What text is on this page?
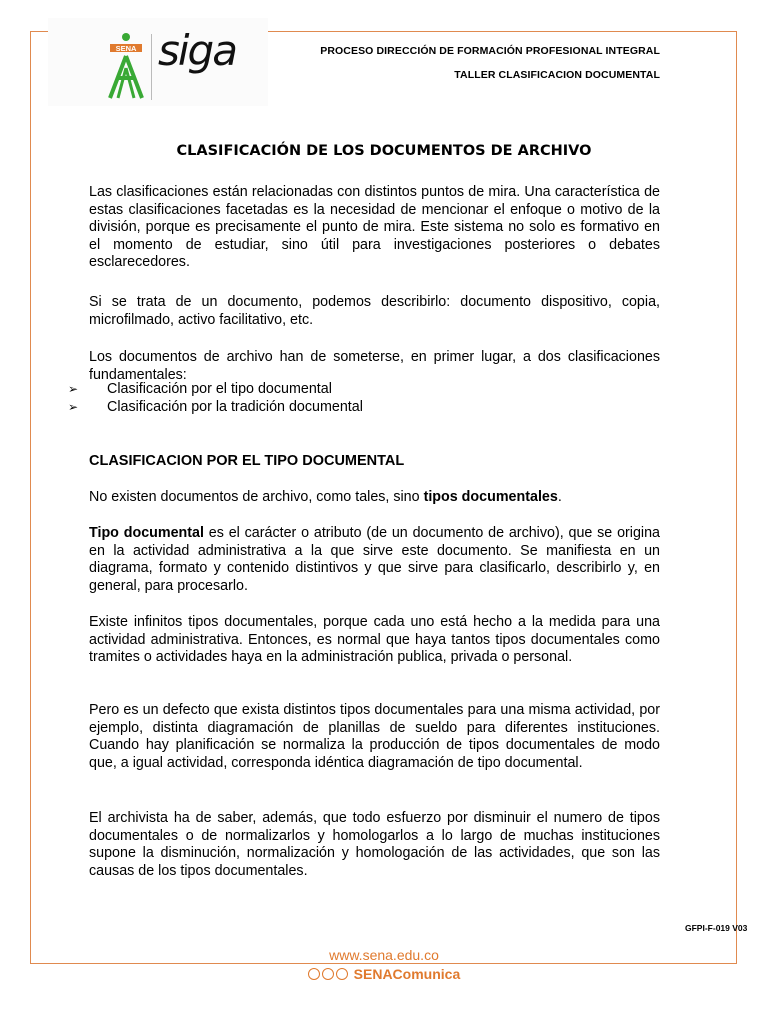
SENA siga	PROCESO DIRECCIÓN DE FORMACIÓN PROFESIONAL INTEGRAL
TALLER CLASIFICACION DOCUMENTAL
CLASIFICACIÓN DE LOS DOCUMENTOS DE ARCHIVO
Las clasificaciones están relacionadas con distintos puntos de mira. Una característica de estas clasificaciones facetadas es la necesidad de mencionar el enfoque o motivo de la división, porque es precisamente el punto de mira. Este sistema no solo es formativo en el momento de estudiar, sino útil para investigaciones posteriores o debates esclarecedores.
Si se trata de un documento, podemos describirlo: documento dispositivo, copia, microfilmado, activo facilitativo, etc.
Los documentos de archivo han de someterse, en primer lugar, a dos clasificaciones fundamentales:
➢ Clasificación por el tipo documental
➢ Clasificación por la tradición documental
CLASIFICACION POR EL TIPO DOCUMENTAL
No existen documentos de archivo, como tales, sino tipos documentales.
Tipo documental es el carácter o atributo (de un documento de archivo), que se origina en la actividad administrativa a la que sirve este documento. Se manifiesta en un diagrama, formato y contenido distintivos y que sirve para clasificarlo, describirlo y, en general, para procesarlo.
Existe infinitos tipos documentales, porque cada uno está hecho a la medida para una actividad administrativa. Entonces, es normal que haya tantos tipos documentales como tramites o actividades haya en la administración publica, privada o personal.
Pero es un defecto que exista distintos tipos documentales para una misma actividad, por ejemplo, distinta diagramación de planillas de sueldo para diferentes instituciones. Cuando hay planificación se normaliza la producción de tipos documentales de modo que, a igual actividad, corresponda idéntica diagramación de tipo documental.
El archivista ha de saber, además, que todo esfuerzo por disminuir el numero de tipos documentales o de normalizarlos y homologarlos a lo largo de muchas instituciones supone la disminución, normalización y homologación de las actividades, que son las causas de los tipos documentales.
GFPI-F-019 V03
www.sena.edu.co
SENAComunica
